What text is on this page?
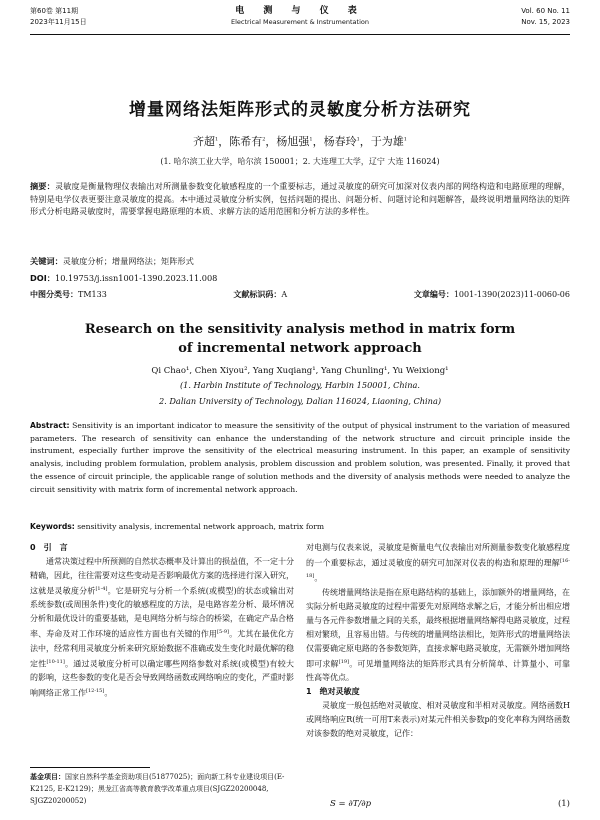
第60卷 第11期
2023年11月15日
电 测 与 仪 表
Electrical Measurement & Instrumentation
Vol. 60 No. 11
Nov. 15, 2023
增量网络法矩阵形式的灵敏度分析方法研究
齐超$^1$，陈希有$^2$，杨旭强$^1$，杨春玲$^1$，于为雄$^1$
(1. 哈尔滨工业大学，哈尔滨 150001；2. 大连理工大学，辽宁 大连 116024)
摘要：灵敏度是衡量物理仪表输出对所测量参数变化敏感程度的一个重要标志，通过灵敏度的研究可加深对仪表内部的网络构造和电路原理的理解，特别是电学仪表更要注意灵敏度的提高。本中通过灵敏度分析实例，包括问题的提出、问题分析、问题讨论和问题解答，最终说明增量网络法的矩阵形式分析电路灵敏度时，需要掌握电路原理的本质、求解方法的适用范围和分析方法的多样性。
关键词：灵敏度分析；增量网络法；矩阵形式
DOI：10.19753/j.issn1001-1390.2023.11.008
中图分类号：TM133	文献标识码：A	文章编号：1001-1390(2023)11-0060-06
Research on the sensitivity analysis method in matrix form
of incremental network approach
Qi Chao¹, Chen Xiyou², Yang Xuqiang¹, Yang Chunling¹, Yu Weixiong¹
(1. Harbin Institute of Technology, Harbin 150001, China.
2. Dalian University of Technology, Dalian 116024, Liaoning, China)
Abstract: Sensitivity is an important indicator to measure the sensitivity of the output of physical instrument to the variation of measured parameters. The research of sensitivity can enhance the understanding of the network structure and circuit principle inside the instrument, especially further improve the sensitivity of the electrical measuring instrument. In this paper, an example of sensitivity analysis, including problem formulation, problem analysis, problem discussion and problem solution, was presented. Finally, it proved that the essence of circuit principle, the applicable range of solution methods and the diversity of analysis methods were needed to analyze the circuit sensitivity with matrix form of incremental network approach.
Keywords: sensitivity analysis, incremental network approach, matrix form
0　 引　言
通常决策过程中所预测的自然状态概率及计算出的损益值，不一定十分精确，因此，往往需要对这些变动是否影响最优方案的选择进行深入研究，这就是灵敏度分析[1-4]。它是研究与分析一个系统(或模型)的状态或输出对系统参数(或周围条件)变化的敏感程度的方法，是电路容差分析、最坏情况分析和最优设计的重要基础，是电网络分析与综合的桥梁，在确定产品合格率、寿命及对工作环境的适应性方面也有关键的作用[5-9]。尤其在最优化方法中，经常利用灵敏度分析来研究原始数据不准确或发生变化时最优解的稳定性[10-11]。通过灵敏度分析可以确定哪些网络参数对系统(或模型)有较大的影响，这些参数的变化是否会导致网络函数或网络响应的变化，严重时影响网络正常工作[12-15]。
基金项目：国家自然科学基金资助项目(51877025)；面向新工科专业建设项目(E-K2125, E-K2129)；黑龙江省高等教育教学改革重点项目(SJGZ20200048, SJGZ20200052)
对电测与仪表来说，灵敏度是衡量电气仪表输出对所测量参数变化敏感程度的一个重要标志，通过灵敏度的研究可加深对仪表的构造和原理的理解[16-18]。
传统增量网络法是指在原电路结构的基础上，添加额外的增量网络，在实际分析电路灵敏度的过程中需要先对原网络求解之后，才能分析出相应增量与各元件参数增量之间的关系，最终根据增量网络解得电路灵敏度，过程相对繁琐，且容易出错。与传统的增量网络法相比，矩阵形式的增量网络法仅需要确定原电路的各参数矩阵，直接求解电路灵敏度，无需额外增加网络即可求解[19]。可见增量网络法的矩阵形式具有分析简单、计算量小、可靠性高等优点。
1　 绝对灵敏度
灵敏度一般包括绝对灵敏度、相对灵敏度和半相对灵敏度。网络函数H或网络响应R(统一可用T来表示)对某元件相关参数p的变化率称为网络函数对该参数的绝对灵敏度，记作：
S = ∂T/∂p	(1)
